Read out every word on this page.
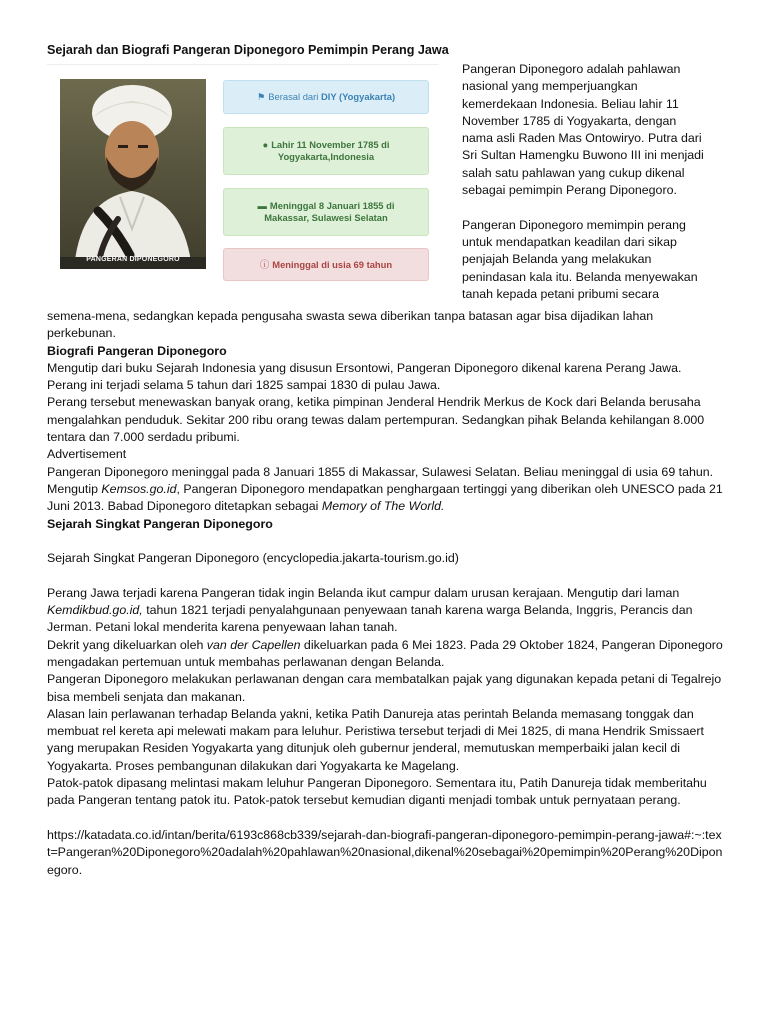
Sejarah dan Biografi Pangeran Diponegoro Pemimpin Perang Jawa
PANGERAN DIPONEGORO
⚑ Berasal dari DIY (Yogyakarta)
● Lahir 11 November 1785 di
Yogyakarta,Indonesia
▬ Meninggal 8 Januari 1855 di
Makassar, Sulawesi Selatan
ⓘ Meninggal di usia 69 tahun

Pangeran Diponegoro adalah pahlawan

nasional yang memperjuangkan

kemerdekaan Indonesia. Beliau lahir 11

November 1785 di Yogyakarta, dengan

nama asli Raden Mas Ontowiryo. Putra dari

Sri Sultan Hamengku Buwono III ini menjadi

salah satu pahlawan yang cukup dikenal

sebagai pemimpin Perang Diponegoro.

Pangeran Diponegoro memimpin perang

untuk mendapatkan keadilan dari sikap

penjajah Belanda yang melakukan

penindasan kala itu. Belanda menyewakan

tanah kepada petani pribumi secara

semena-mena, sedangkan kepada pengusaha swasta sewa diberikan tanpa batasan agar bisa dijadikan lahan perkebunan.

Biografi Pangeran Diponegoro

Mengutip dari buku Sejarah Indonesia yang disusun Ersontowi, Pangeran Diponegoro dikenal karena Perang Jawa. Perang ini terjadi selama 5 tahun dari 1825 sampai 1830 di pulau Jawa.

Perang tersebut menewaskan banyak orang, ketika pimpinan Jenderal Hendrik Merkus de Kock dari Belanda berusaha mengalahkan penduduk. Sekitar 200 ribu orang tewas dalam pertempuran. Sedangkan pihak Belanda kehilangan 8.000 tentara dan 7.000 serdadu pribumi.

Advertisement

Pangeran Diponegoro meninggal pada 8 Januari 1855 di Makassar, Sulawesi Selatan. Beliau meninggal di usia 69 tahun.

Mengutip Kemsos.go.id, Pangeran Diponegoro mendapatkan penghargaan tertinggi yang diberikan oleh UNESCO pada 21 Juni 2013. Babad Diponegoro ditetapkan sebagai Memory of The World.

Sejarah Singkat Pangeran Diponegoro

Sejarah Singkat Pangeran Diponegoro (encyclopedia.jakarta-tourism.go.id)

Perang Jawa terjadi karena Pangeran tidak ingin Belanda ikut campur dalam urusan kerajaan. Mengutip dari laman Kemdikbud.go.id, tahun 1821 terjadi penyalahgunaan penyewaan tanah karena warga Belanda, Inggris, Perancis dan Jerman. Petani lokal menderita karena penyewaan lahan tanah.

Dekrit yang dikeluarkan oleh van der Capellen dikeluarkan pada 6 Mei 1823. Pada 29 Oktober 1824, Pangeran Diponegoro mengadakan pertemuan untuk membahas perlawanan dengan Belanda.

Pangeran Diponegoro melakukan perlawanan dengan cara membatalkan pajak yang digunakan kepada petani di Tegalrejo bisa membeli senjata dan makanan.

Alasan lain perlawanan terhadap Belanda yakni, ketika Patih Danureja atas perintah Belanda memasang tonggak dan membuat rel kereta api melewati makam para leluhur. Peristiwa tersebut terjadi di Mei 1825, di mana Hendrik Smissaert yang merupakan Residen Yogyakarta yang ditunjuk oleh gubernur jenderal, memutuskan memperbaiki jalan kecil di Yogyakarta. Proses pembangunan dilakukan dari Yogyakarta ke Magelang.

Patok-patok dipasang melintasi makam leluhur Pangeran Diponegoro. Sementara itu, Patih Danureja tidak memberitahu pada Pangeran tentang patok itu. Patok-patok tersebut kemudian diganti menjadi tombak untuk pernyataan perang.

https://katadata.co.id/intan/berita/6193c868cb339/sejarah-dan-biografi-pangeran-diponegoro-pemimpin-perang-jawa#:~:text=Pangeran%20Diponegoro%20adalah%20pahlawan%20nasional,dikenal%20sebagai%20pemimpin%20Perang%20Diponegoro.
